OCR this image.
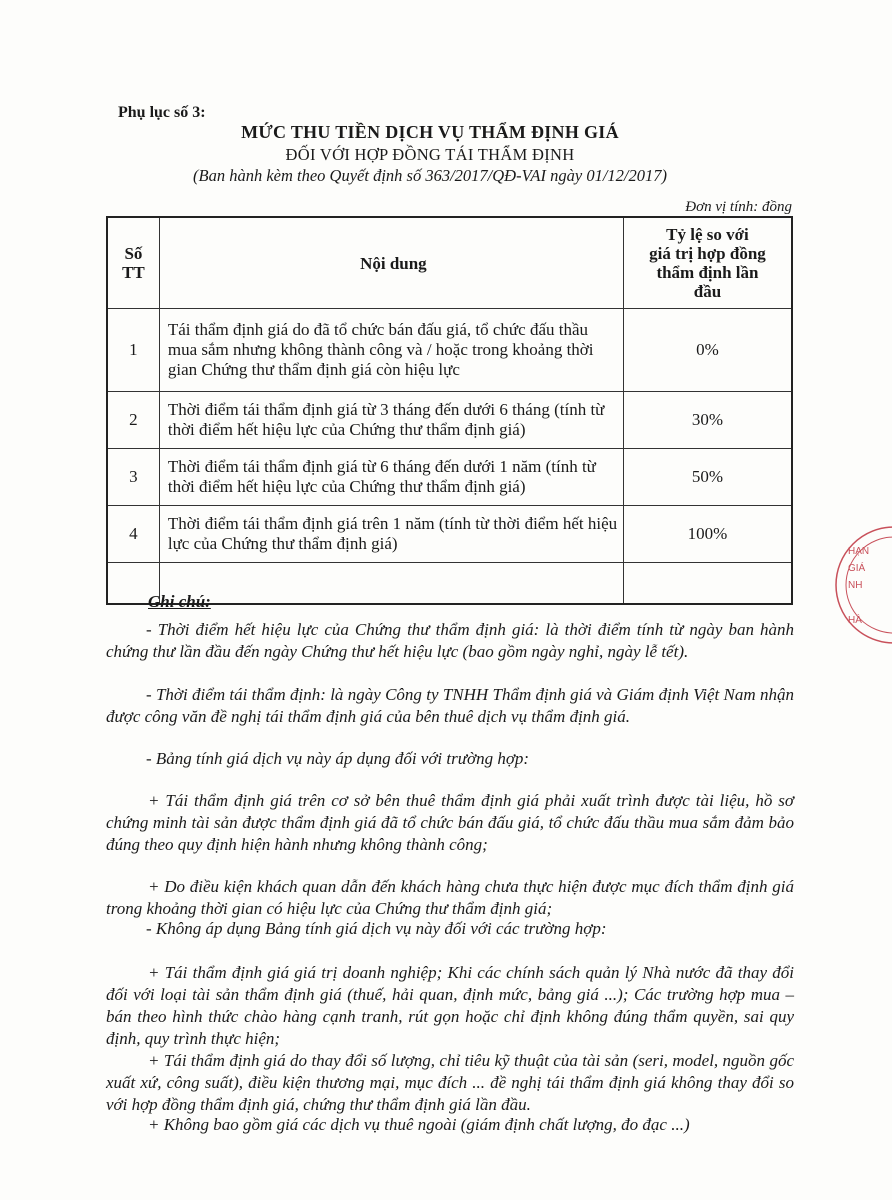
Phụ lục số 3:
MỨC THU TIỀN DỊCH VỤ THẨM ĐỊNH GIÁ
ĐỐI VỚI HỢP ĐỒNG TÁI THẨM ĐỊNH
(Ban hành kèm theo Quyết định số 363/2017/QĐ-VAI ngày 01/12/2017)
Đơn vị tính: đồng
Số
TT	Nội dung	Tỷ lệ so với
giá trị hợp đồng
thẩm định lần
đầu
1	Tái thẩm định giá do đã tổ chức bán đấu giá, tổ chức đấu thầu mua sắm nhưng không thành công và / hoặc trong khoảng thời gian Chứng thư thẩm định giá còn hiệu lực	0%
2	Thời điểm tái thẩm định giá từ 3 tháng đến dưới 6 tháng (tính từ thời điểm hết hiệu lực của Chứng thư thẩm định giá)	30%
3	Thời điểm tái thẩm định giá từ 6 tháng đến dưới 1 năm (tính từ thời điểm hết hiệu lực của Chứng thư thẩm định giá)	50%
4	Thời điểm tái thẩm định giá trên 1 năm (tính từ thời điểm hết hiệu lực của Chứng thư thẩm định giá)	100%

Ghi chú:
- Thời điểm hết hiệu lực của Chứng thư thẩm định giá: là thời điểm tính từ ngày ban hành chứng thư lần đầu đến ngày Chứng thư hết hiệu lực (bao gồm ngày nghỉ, ngày lễ tết).
- Thời điểm tái thẩm định: là ngày Công ty TNHH Thẩm định giá và Giám định Việt Nam nhận được công văn đề nghị tái thẩm định giá của bên thuê dịch vụ thẩm định giá.
- Bảng tính giá dịch vụ này áp dụng đối với trường hợp:
+ Tái thẩm định giá trên cơ sở bên thuê thẩm định giá phải xuất trình được tài liệu, hồ sơ chứng minh tài sản được thẩm định giá đã tổ chức bán đấu giá, tổ chức đấu thầu mua sắm đảm bảo đúng theo quy định hiện hành nhưng không thành công;
+ Do điều kiện khách quan dẫn đến khách hàng chưa thực hiện được mục đích thẩm định giá trong khoảng thời gian có hiệu lực của Chứng thư thẩm định giá;
- Không áp dụng Bảng tính giá dịch vụ này đối với các trường hợp:
+ Tái thẩm định giá giá trị doanh nghiệp; Khi các chính sách quản lý Nhà nước đã thay đổi đối với loại tài sản thẩm định giá (thuế, hải quan, định mức, bảng giá ...); Các trường hợp mua – bán theo hình thức chào hàng cạnh tranh, rút gọn hoặc chỉ định không đúng thẩm quyền, sai quy định, quy trình thực hiện;
+ Tái thẩm định giá do thay đổi số lượng, chỉ tiêu kỹ thuật của tài sản (seri, model, nguồn gốc xuất xứ, công suất), điều kiện thương mại, mục đích ... đề nghị tái thẩm định giá không thay đổi so với hợp đồng thẩm định giá, chứng thư thẩm định giá lần đầu.
+ Không bao gồm giá các dịch vụ thuê ngoài (giám định chất lượng, đo đạc ...)
HẠN
GIÁ
NH
HÀ
